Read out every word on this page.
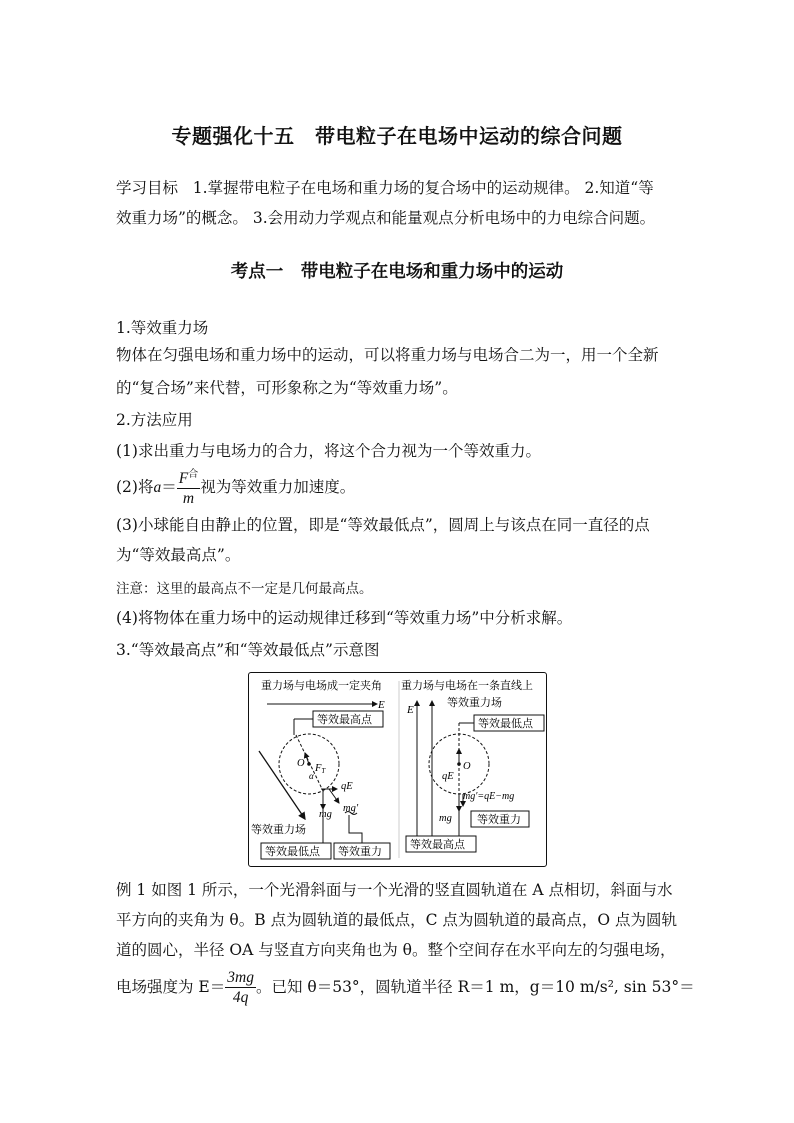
专题强化十五　带电粒子在电场中运动的综合问题
学习目标 1.掌握带电粒子在电场和重力场的复合场中的运动规律。 2.知道“等
效重力场”的概念。 3.会用动力学观点和能量观点分析电场中的力电综合问题。
考点一　带电粒子在电场和重力场中的运动
1.等效重力场
物体在匀强电场和重力场中的运动，可以将重力场与电场合二为一，用一个全新
的“复合场”来代替，可形象称之为“等效重力场”。
2.方法应用
(1)求出重力与电场力的合力，将这个合力视为一个等效重力。
(2)将 $a = \frac{F^合}{m}$ 视为等效重力加速度。
(3)小球能自由静止的位置，即是“等效最低点”，圆周上与该点在同一直径的点
为“等效最高点”。
注意：这里的最高点不一定是几何最高点。
(4)将物体在重力场中的运动规律迁移到“等效重力场”中分析求解。
3.“等效最高点”和“等效最低点”示意图
重力场与电场成一定夹角
E
等效最高点
O FT
α
qE
mg
mg′
等效重力场
等效最低点 等效重力
重力场与电场在一条直线上
等效重力场
E
等效最低点
O
qE
mg′=qE−mg
mg 等效重力
等效最高点
例 1 如图 1 所示，一个光滑斜面与一个光滑的竖直圆轨道在 A 点相切，斜面与水
平方向的夹角为 θ。B 点为圆轨道的最低点，C 点为圆轨道的最高点，O 点为圆轨
道的圆心，半径 OA 与竖直方向夹角也为 θ。整个空间存在水平向左的匀强电场，
电场强度为 $E= \frac{3mg}{4q}$ 。已知 θ＝53°，圆轨道半径 R＝1 m，g＝10 m/s², sin 53°＝
